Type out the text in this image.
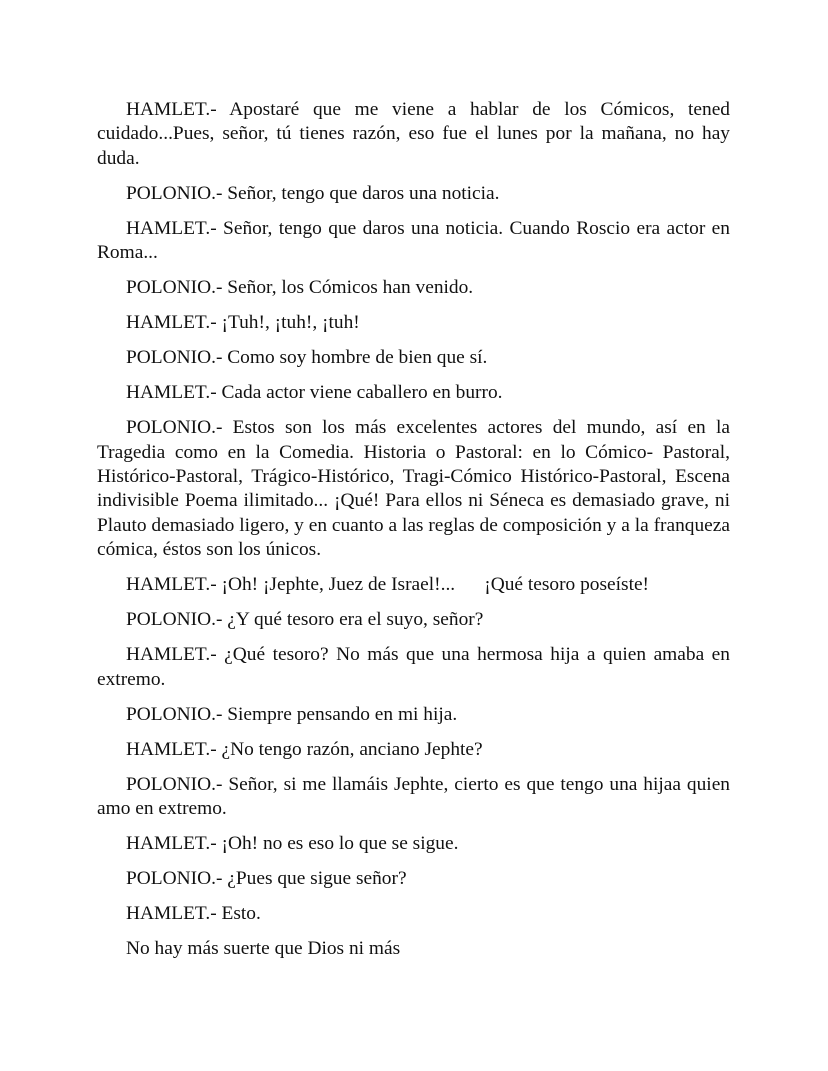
HAMLET.- Apostaré que me viene a hablar de los Cómicos, tened cuidado...Pues, señor, tú tienes razón, eso fue el lunes por la mañana, no hay duda.

POLONIO.- Señor, tengo que daros una noticia.

HAMLET.- Señor, tengo que daros una noticia. Cuando Roscio era actor en Roma...

POLONIO.- Señor, los Cómicos han venido.

HAMLET.- ¡Tuh!, ¡tuh!, ¡tuh!

POLONIO.- Como soy hombre de bien que sí.

HAMLET.- Cada actor viene caballero en burro.

POLONIO.- Estos son los más excelentes actores del mundo, así en la Tragedia como en la Comedia. Historia o Pastoral: en lo Cómico- Pastoral, Histórico-Pastoral, Trágico-Histórico, Tragi-Cómico Histórico-Pastoral, Escena indivisible Poema ilimitado... ¡Qué! Para ellos ni Séneca es demasiado grave, ni Plauto demasiado ligero, y en cuanto a las reglas de composición y a la franqueza cómica, éstos son los únicos.

HAMLET.- ¡Oh! ¡Jephte, Juez de Israel!...      ¡Qué tesoro poseíste!

POLONIO.- ¿Y qué tesoro era el suyo, señor?

HAMLET.- ¿Qué tesoro? No más que una hermosa hija a quien amaba en extremo.

POLONIO.- Siempre pensando en mi hija.

HAMLET.- ¿No tengo razón, anciano Jephte?

POLONIO.- Señor, si me llamáis Jephte, cierto es que tengo una hijaa quien amo en extremo.

HAMLET.- ¡Oh! no es eso lo que se sigue.

POLONIO.- ¿Pues que sigue señor?

HAMLET.- Esto.

No hay más suerte que Dios ni más
